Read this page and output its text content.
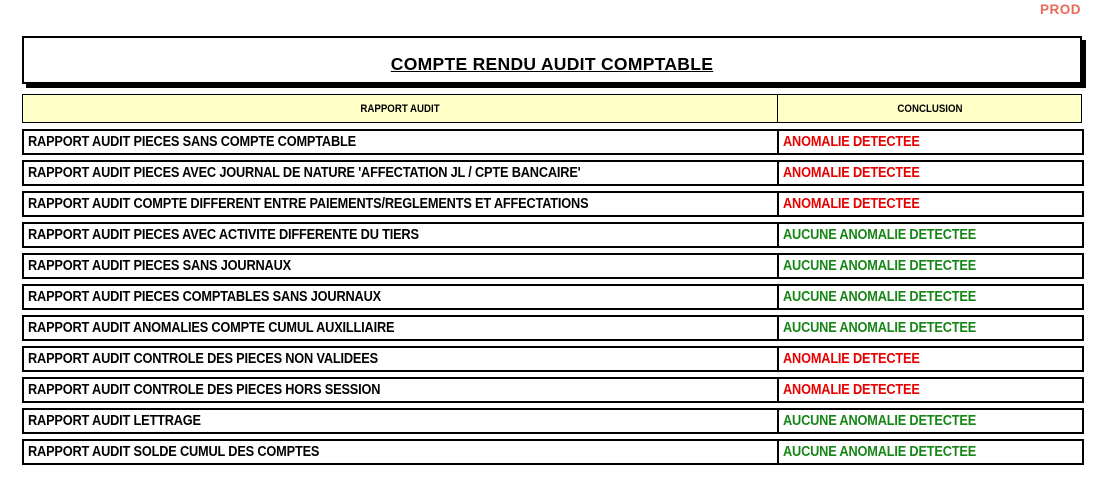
PROD
COMPTE RENDU AUDIT COMPTABLE
RAPPORT AUDIT	CONCLUSION
RAPPORT AUDIT PIECES SANS COMPTE COMPTABLE	ANOMALIE DETECTEE
RAPPORT AUDIT PIECES AVEC JOURNAL DE NATURE 'AFFECTATION JL / CPTE BANCAIRE'	ANOMALIE DETECTEE
RAPPORT AUDIT COMPTE DIFFERENT ENTRE PAIEMENTS/REGLEMENTS ET AFFECTATIONS	ANOMALIE DETECTEE
RAPPORT AUDIT PIECES AVEC ACTIVITE DIFFERENTE DU TIERS	AUCUNE ANOMALIE DETECTEE
RAPPORT AUDIT PIECES SANS JOURNAUX	AUCUNE ANOMALIE DETECTEE
RAPPORT AUDIT PIECES COMPTABLES SANS JOURNAUX	AUCUNE ANOMALIE DETECTEE
RAPPORT AUDIT ANOMALIES COMPTE CUMUL AUXILLIAIRE	AUCUNE ANOMALIE DETECTEE
RAPPORT AUDIT CONTROLE DES PIECES NON VALIDEES	ANOMALIE DETECTEE
RAPPORT AUDIT CONTROLE DES PIECES HORS SESSION	ANOMALIE DETECTEE
RAPPORT AUDIT LETTRAGE	AUCUNE ANOMALIE DETECTEE
RAPPORT AUDIT SOLDE CUMUL DES COMPTES	AUCUNE ANOMALIE DETECTEE
